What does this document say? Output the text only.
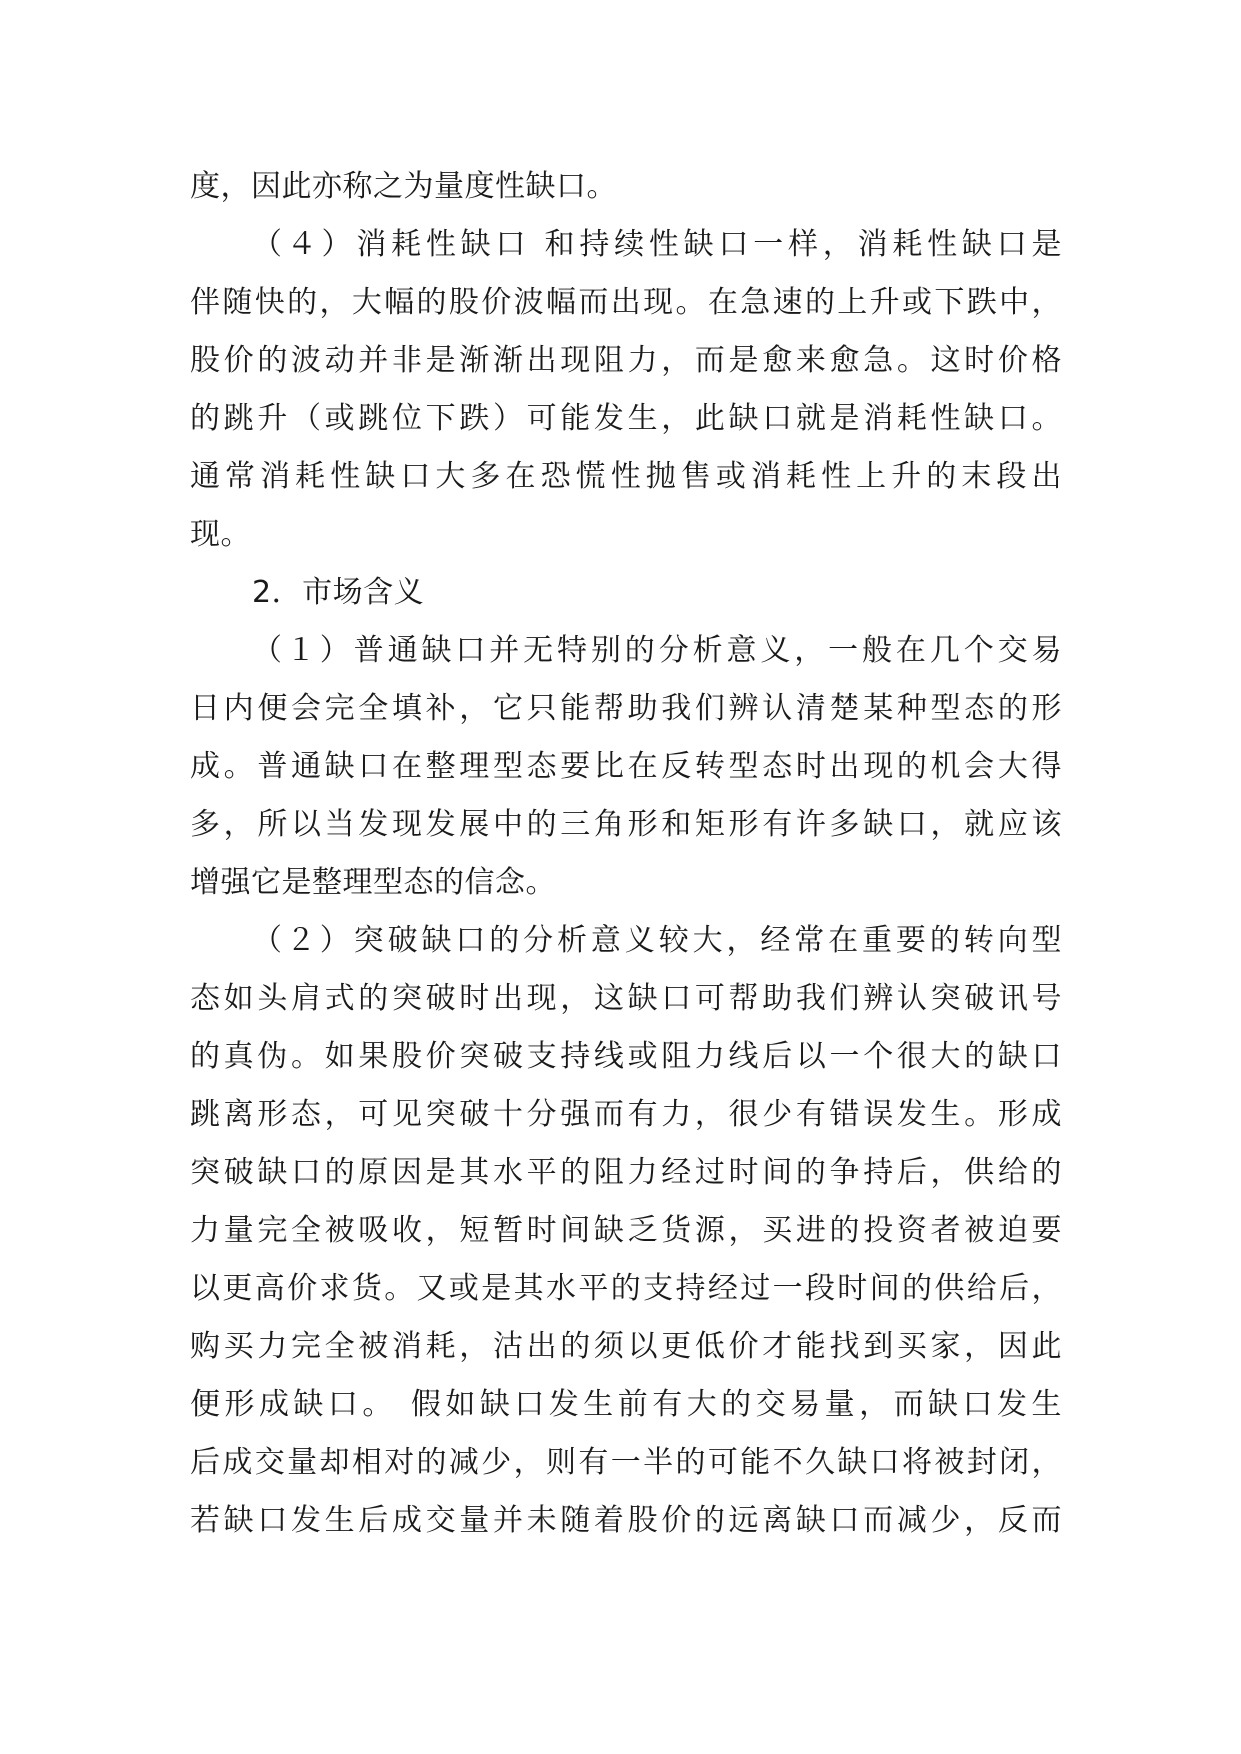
度，因此亦称之为量度性缺口。
（４）消耗性缺口 和持续性缺口一样，消耗性缺口是
伴随快的，大幅的股价波幅而出现。在急速的上升或下跌中，
股价的波动并非是渐渐出现阻力，而是愈来愈急。这时价格
的跳升（或跳位下跌）可能发生，此缺口就是消耗性缺口。
通常消耗性缺口大多在恐慌性抛售或消耗性上升的末段出
现。
2．市场含义
（１）普通缺口并无特别的分析意义，一般在几个交易
日内便会完全填补，它只能帮助我们辨认清楚某种型态的形
成。普通缺口在整理型态要比在反转型态时出现的机会大得
多，所以当发现发展中的三角形和矩形有许多缺口，就应该
增强它是整理型态的信念。
（２）突破缺口的分析意义较大，经常在重要的转向型
态如头肩式的突破时出现，这缺口可帮助我们辨认突破讯号
的真伪。如果股价突破支持线或阻力线后以一个很大的缺口
跳离形态，可见突破十分强而有力，很少有错误发生。形成
突破缺口的原因是其水平的阻力经过时间的争持后，供给的
力量完全被吸收，短暂时间缺乏货源，买进的投资者被迫要
以更高价求货。又或是其水平的支持经过一段时间的供给后，
购买力完全被消耗，沽出的须以更低价才能找到买家，因此
便形成缺口。 假如缺口发生前有大的交易量，而缺口发生
后成交量却相对的减少，则有一半的可能不久缺口将被封闭，
若缺口发生后成交量并未随着股价的远离缺口而减少，反而
